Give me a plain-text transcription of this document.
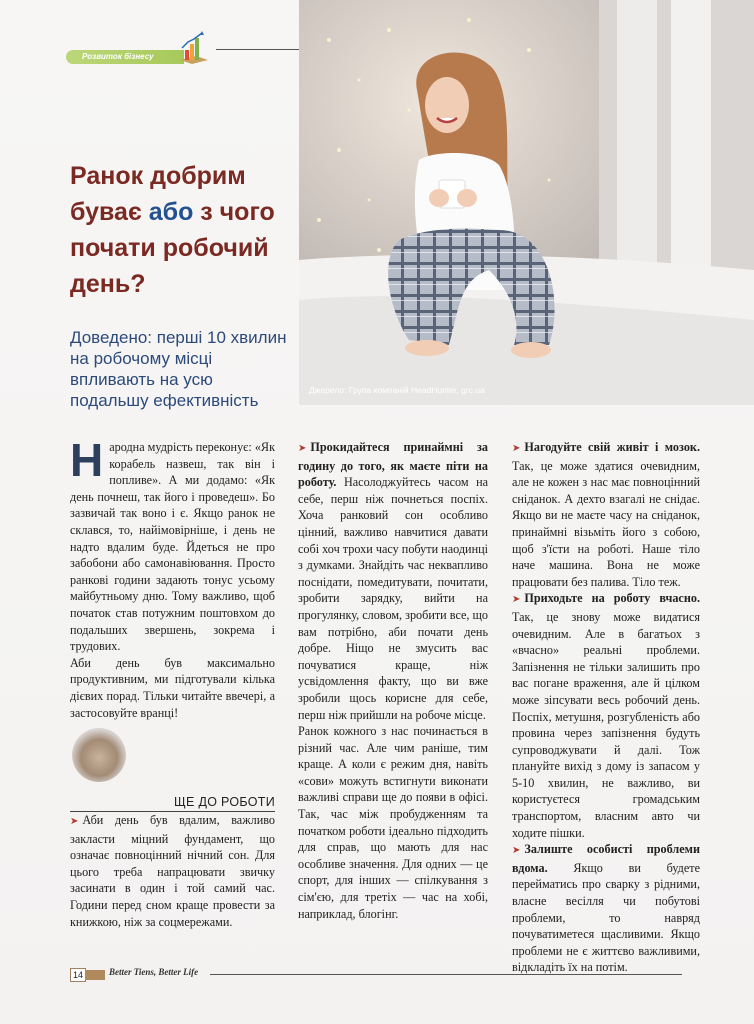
Розвиток бізнесу
Джерело: Група компаній HeadHunter, grc.ua
Ранок добрим буває або з чого почати робочий день?
Доведено: перші 10 хвилин на робочому місці впливають на усю подальшу ефективність

Народна мудрість переконує: «Як корабель назвеш, так він і попливе». А ми додамо: «Як день почнеш, так його і проведеш». Бо зазвичай так воно і є. Якщо ранок не склався, то, найімовірніше, і день не надто вдалим буде. Йдеться не про забобони або самонавіювання. Просто ранкові години задають тонус усьому майбутньому дню. Тому важливо, щоб початок став потужним поштовхом до подальших звершень, зокрема і трудових.

Аби день був максимально продуктивним, ми підготували кілька дієвих порад. Тільки читайте ввечері, а застосовуйте вранці!

ЩЕ ДО РОБОТИ

➤ Аби день був вдалим, важливо закласти міцний фундамент, що означає повноцінний нічний сон. Для цього треба напрацювати звичку засинати в один і той самий час. Години перед сном краще провести за книжкою, ніж за соцмережами.

➤ Прокидайтеся принаймні за годину до того, як маєте піти на роботу. Насолоджуйтесь часом на себе, перш ніж почнеться поспіх. Хоча ранковий сон особливо цінний, важливо навчитися давати собі хоч трохи часу побути наодинці з думками. Знайдіть час неквапливо поснідати, помедитувати, почитати, зробити зарядку, вийти на прогулянку, словом, зробити все, що вам потрібно, аби почати день добре. Ніщо не змусить вас почуватися краще, ніж усвідомлення факту, що ви вже зробили щось корисне для себе, перш ніж прийшли на робоче місце.

Ранок кожного з нас починається в різний час. Але чим раніше, тим краще. А коли є режим дня, навіть «сови» можуть встигнути виконати важливі справи ще до появи в офісі. Так, час між пробудженням та початком роботи ідеально підходить для справ, що мають для нас особливе значення. Для одних — це спорт, для інших — спілкування з сім'єю, для третіх — час на хобі, наприклад, блогінг.

➤ Нагодуйте свій живіт і мозок. Так, це може здатися очевидним, але не кожен з нас має повноцінний сніданок. А дехто взагалі не снідає. Якщо ви не маєте часу на сніданок, принаймні візьміть його з собою, щоб з'їсти на роботі. Наше тіло наче машина. Вона не може працювати без палива. Тіло теж.

➤ Приходьте на роботу вчасно. Так, це знову може видатися очевидним. Але в багатьох з «вчасно» реальні проблеми. Запізнення не тільки залишить про вас погане враження, але й цілком може зіпсувати весь робочий день. Поспіх, метушня, розгубленість або провина через запізнення будуть супроводжувати й далі. Тож плануйте вихід з дому із запасом у 5-10 хвилин, не важливо, ви користуєтеся громадським транспортом, власним авто чи ходите пішки.

➤ Залиште особисті проблеми вдома. Якщо ви будете перейматись про сварку з рідними, власне весілля чи побутові проблеми, то навряд почуватиметеся щасливими. Якщо проблеми не є життєво важливими, відкладіть їх на потім.

14	Better Tiens, Better Life
